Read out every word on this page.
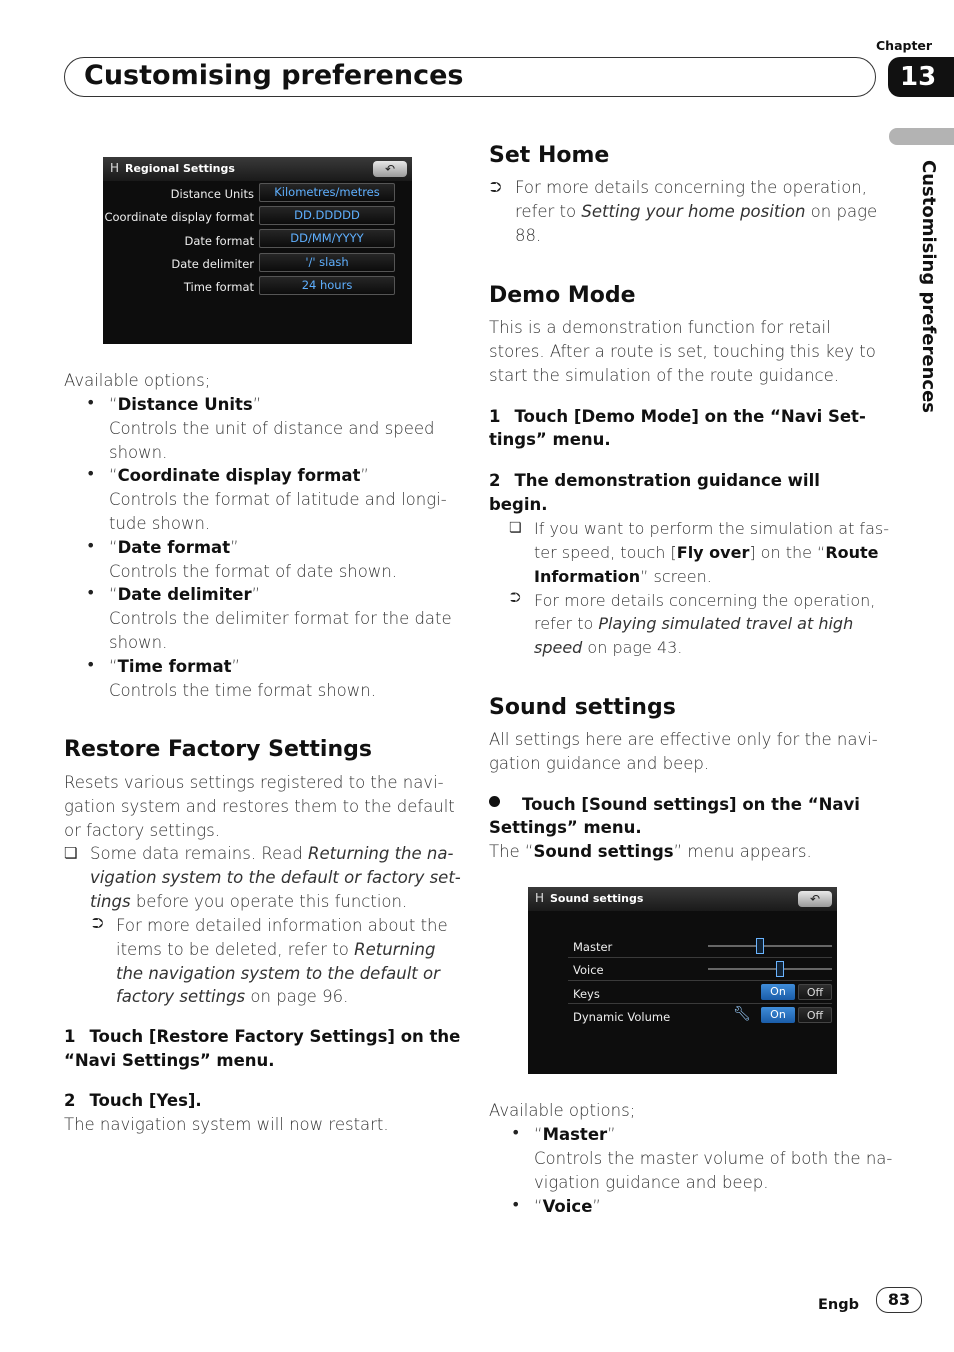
Chapter
Customising preferences	13
Customising preferences
𝖧 Regional Settings	↶
Distance Units	Kilometres/metres
Coordinate display format	DD.DDDDD
Date format	DD/MM/YYYY
Date delimiter	'/' slash
Time format	24 hours
Available options;
• “Distance Units”
Controls the unit of distance and speed
shown.
• “Coordinate display format”
Controls the format of latitude and longi-
tude shown.
• “Date format”
Controls the format of date shown.
• “Date delimiter”
Controls the delimiter format for the date
shown.
• “Time format”
Controls the time format shown.
Restore Factory Settings
Resets various settings registered to the navi-
gation system and restores them to the default
or factory settings.
❏ Some data remains. Read Returning the na-
vigation system to the default or factory set-
tings before you operate this function.
⮊ For more detailed information about the
items to be deleted, refer to Returning
the navigation system to the default or
factory settings on page 96.
1 Touch [Restore Factory Settings] on the
“Navi Settings” menu.
2 Touch [Yes].
The navigation system will now restart.
Set Home
⮊ For more details concerning the operation,
refer to Setting your home position on page
88.
Demo Mode
This is a demonstration function for retail
stores. After a route is set, touching this key to
start the simulation of the route guidance.
1 Touch [Demo Mode] on the “Navi Set-
tings” menu.
2 The demonstration guidance will
begin.
❏ If you want to perform the simulation at fas-
ter speed, touch [Fly over] on the “Route
Information” screen.
⮊ For more details concerning the operation,
refer to Playing simulated travel at high
speed on page 43.
Sound settings
All settings here are effective only for the navi-
gation guidance and beep.
Touch [Sound settings] on the “Navi
Settings” menu.
The “Sound settings” menu appears.
𝖧 Sound settings	↶
Master
Voice
Keys	On	Off
Dynamic Volume	🔧︎	On	Off
Available options;
• “Master”
Controls the master volume of both the na-
vigation guidance and beep.
• “Voice”
Engb	83
